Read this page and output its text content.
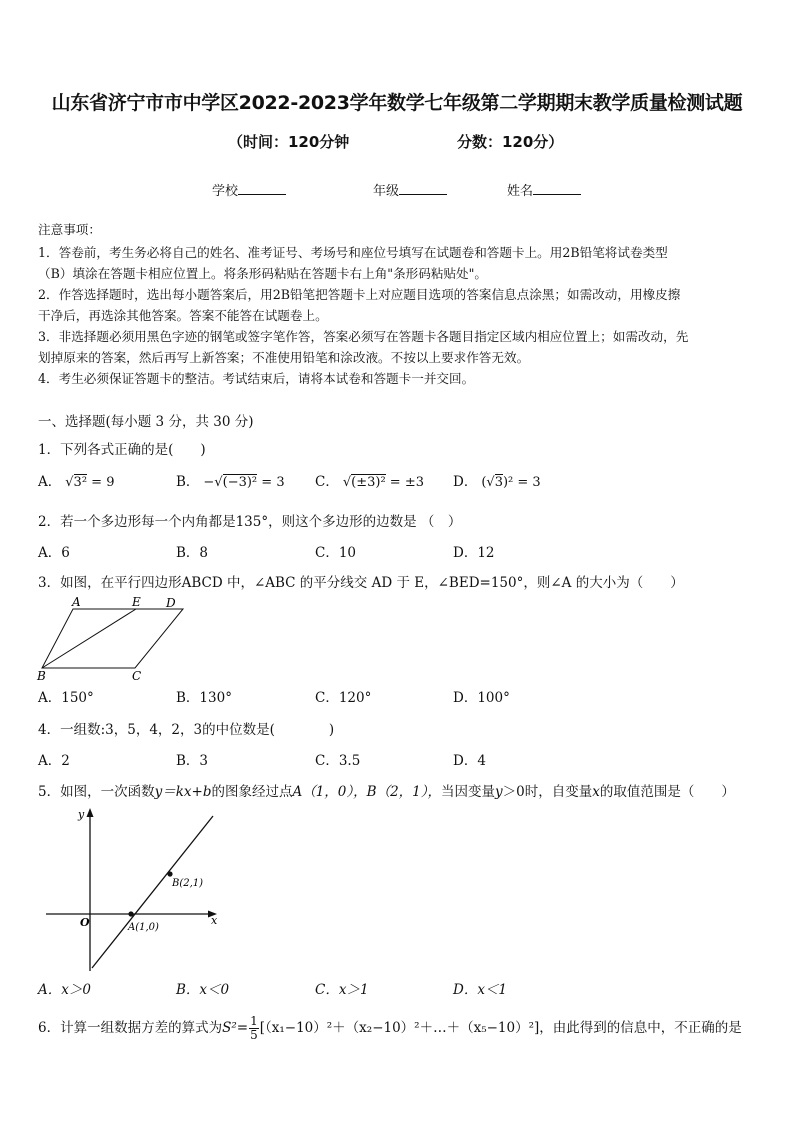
山东省济宁市市中学区2022-2023学年数学七年级第二学期期末教学质量检测试题
（时间：120分钟	分数：120分）
学校	年级	姓名
注意事项：
1．答卷前，考生务必将自己的姓名、准考证号、考场号和座位号填写在试题卷和答题卡上。用2B铅笔将试卷类型
（B）填涂在答题卡相应位置上。将条形码粘贴在答题卡右上角"条形码粘贴处"。
2．作答选择题时，选出每小题答案后，用2B铅笔把答题卡上对应题目选项的答案信息点涂黑；如需改动，用橡皮擦
干净后，再选涂其他答案。答案不能答在试题卷上。
3．非选择题必须用黑色字迹的钢笔或签字笔作答，答案必须写在答题卡各题目指定区域内相应位置上；如需改动，先
划掉原来的答案，然后再写上新答案；不准使用铅笔和涂改液。不按以上要求作答无效。
4．考生必须保证答题卡的整洁。考试结束后，请将本试卷和答题卡一并交回。
一、选择题(每小题 3 分，共 30 分)
1．下列各式正确的是(　　)
A． √3² = 9	B． −√(−3)² = 3 C． √(±3)² = ±3 D． (√3)² = 3
2．若一个多边形每一个内角都是135°，则这个多边形的边数是 （　）
A．6	B．8	C．10	D．12
3．如图，在平行四边形ABCD 中，∠ABC 的平分线交 AD 于 E，∠BED=150°，则∠A 的大小为（　　）
A	E D
B	C
A．150°	B．130°	C．120°	D．100°
4．一组数:3，5，4，2，3的中位数是(　　　　)
A．2	B．3	C．3.5	D．4
5．如图，一次函数y＝kx+b的图象经过点A（1，0），B（2，1），当因变量y＞0时，自变量x的取值范围是（　　）
y
x
O	A(1,0)
B(2,1)
A．x＞0	B．x＜0	C．x＞1	D．x＜1
6．计算一组数据方差的算式为$S^2= \frac{1}{5}$ [（x₁−10）²＋（x₂−10）²＋…＋（x₅−10）²]，由此得到的信息中，不正确的是
